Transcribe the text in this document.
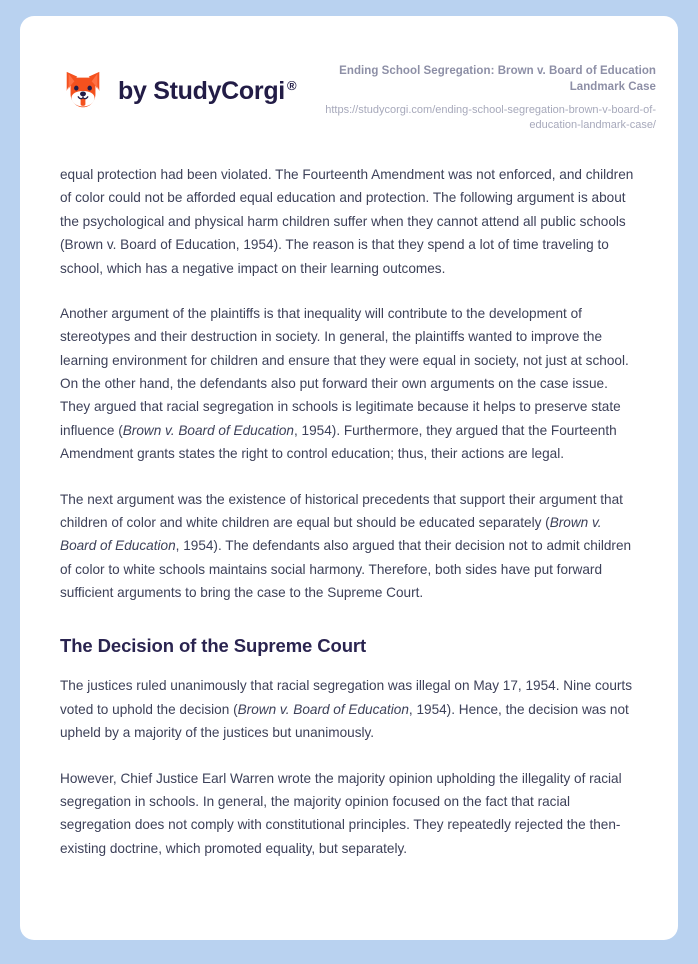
by StudyCorgi ®
Ending School Segregation: Brown v. Board of Education Landmark Case
https://studycorgi.com/ending-school-segregation-brown-v-board-of-education-landmark-case/

equal protection had been violated. The Fourteenth Amendment was not enforced, and children of color could not be afforded equal education and protection. The following argument is about the psychological and physical harm children suffer when they cannot attend all public schools (Brown v. Board of Education, 1954). The reason is that they spend a lot of time traveling to school, which has a negative impact on their learning outcomes.

Another argument of the plaintiffs is that inequality will contribute to the development of stereotypes and their destruction in society. In general, the plaintiffs wanted to improve the learning environment for children and ensure that they were equal in society, not just at school. On the other hand, the defendants also put forward their own arguments on the case issue. They argued that racial segregation in schools is legitimate because it helps to preserve state influence (Brown v. Board of Education, 1954). Furthermore, they argued that the Fourteenth Amendment grants states the right to control education; thus, their actions are legal.

The next argument was the existence of historical precedents that support their argument that children of color and white children are equal but should be educated separately (Brown v. Board of Education, 1954). The defendants also argued that their decision not to admit children of color to white schools maintains social harmony. Therefore, both sides have put forward sufficient arguments to bring the case to the Supreme Court.

The Decision of the Supreme Court

The justices ruled unanimously that racial segregation was illegal on May 17, 1954. Nine courts voted to uphold the decision (Brown v. Board of Education, 1954). Hence, the decision was not upheld by a majority of the justices but unanimously.

However, Chief Justice Earl Warren wrote the majority opinion upholding the illegality of racial segregation in schools. In general, the majority opinion focused on the fact that racial segregation does not comply with constitutional principles. They repeatedly rejected the then-existing doctrine, which promoted equality, but separately.
